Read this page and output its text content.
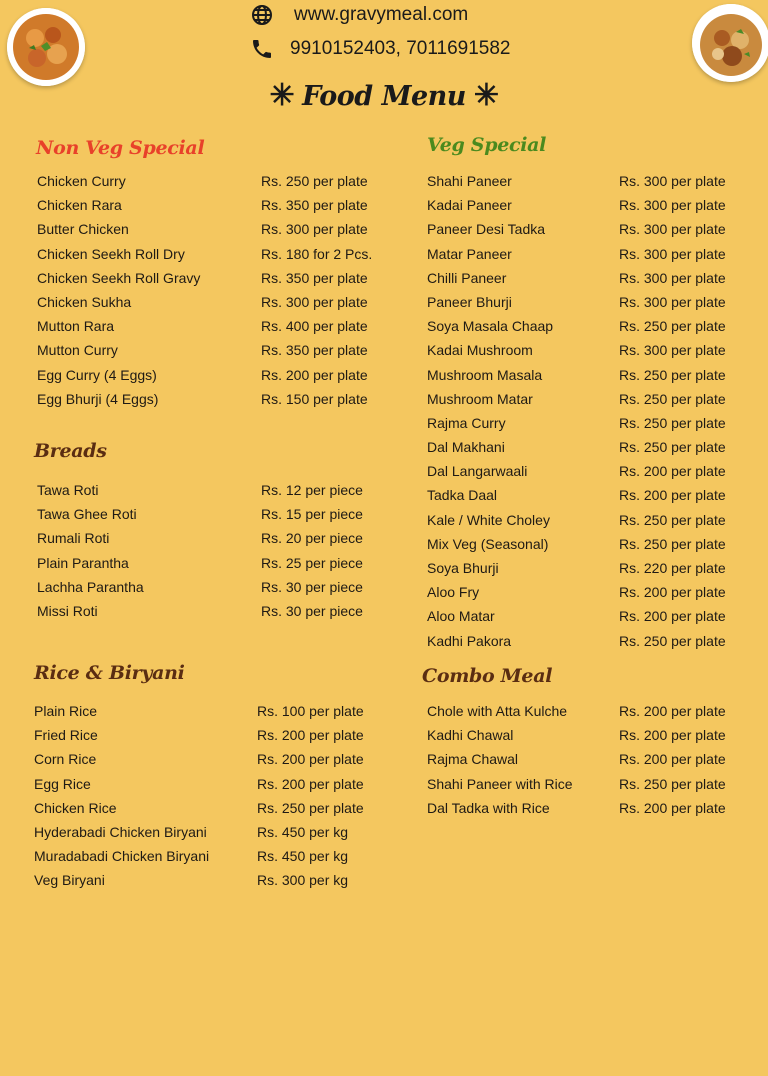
www.gravymeal.com
9910152403, 7011691582
✳ Food Menu ✳
Non Veg Special
Breads
Rice & Biryani
Veg Special
Combo Meal
Chicken Curry	Rs. 250 per plate
Chicken Rara	Rs. 350 per plate
Butter Chicken	Rs. 300 per plate
Chicken Seekh Roll Dry	Rs. 180 for 2 Pcs.
Chicken Seekh Roll Gravy	Rs. 350 per plate
Chicken Sukha	Rs. 300 per plate
Mutton Rara	Rs. 400 per plate
Mutton Curry	Rs. 350 per plate
Egg Curry (4 Eggs)	Rs. 200 per plate
Egg Bhurji (4 Eggs)	Rs. 150 per plate
Tawa Roti	Rs. 12 per piece
Tawa Ghee Roti	Rs. 15 per piece
Rumali Roti	Rs. 20 per piece
Plain Parantha	Rs. 25 per piece
Lachha Parantha	Rs. 30 per piece
Missi Roti	Rs. 30 per piece
Plain Rice	Rs. 100 per plate
Fried Rice	Rs. 200 per plate
Corn Rice	Rs. 200 per plate
Egg Rice	Rs. 200 per plate
Chicken Rice	Rs. 250 per plate
Hyderabadi Chicken Biryani	Rs. 450 per kg
Muradabadi Chicken Biryani	Rs. 450 per kg
Veg Biryani	Rs. 300 per kg
Shahi Paneer	Rs. 300 per plate
Kadai Paneer	Rs. 300 per plate
Paneer Desi Tadka	Rs. 300 per plate
Matar Paneer	Rs. 300 per plate
Chilli Paneer	Rs. 300 per plate
Paneer Bhurji	Rs. 300 per plate
Soya Masala Chaap	Rs. 250 per plate
Kadai Mushroom	Rs. 300 per plate
Mushroom Masala	Rs. 250 per plate
Mushroom Matar	Rs. 250 per plate
Rajma Curry	Rs. 250 per plate
Dal Makhani	Rs. 250 per plate
Dal Langarwaali	Rs. 200 per plate
Tadka Daal	Rs. 200 per plate
Kale / White Choley	Rs. 250 per plate
Mix Veg (Seasonal)	Rs. 250 per plate
Soya Bhurji	Rs. 220 per plate
Aloo Fry	Rs. 200 per plate
Aloo Matar	Rs. 200 per plate
Kadhi Pakora	Rs. 250 per plate
Chole with Atta Kulche	Rs. 200 per plate
Kadhi Chawal	Rs. 200 per plate
Rajma Chawal	Rs. 200 per plate
Shahi Paneer with Rice	Rs. 250 per plate
Dal Tadka with Rice	Rs. 200 per plate
